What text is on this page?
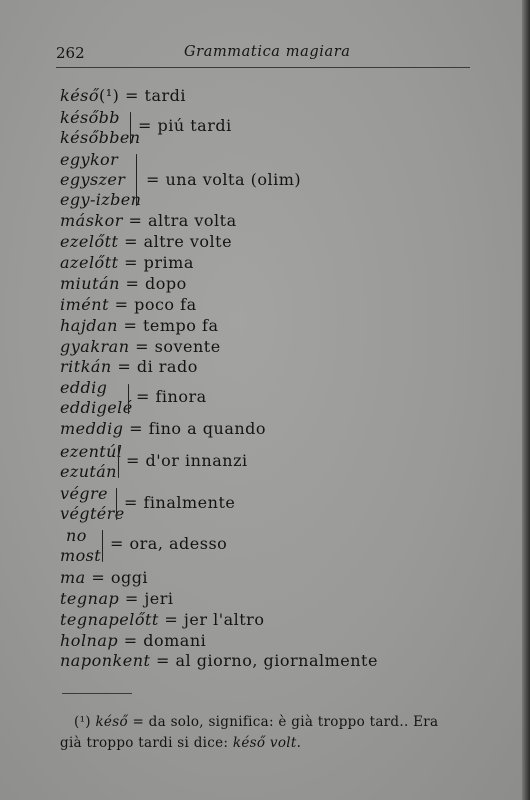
262	Grammatica magiara
késő(¹) = tardi
később
későbben
= piú tardi
egykor
egyszer
egy-izben
= una volta (olim)
máskor = altra volta
ezelőtt = altre volte
azelőtt = prima
miután = dopo
imént = poco fa
hajdan = tempo fa
gyakran = sovente
ritkán = di rado
eddig
eddigelé
= finora
meddig = fino a quando
ezentúl
ezután
= d'or innanzi
végre
végtére
= finalmente
no
most
= ora, adesso
ma = oggi
tegnap = jeri
tegnapelőtt = jer l'altro
holnap = domani
naponkent = al giorno, giornalmente
(¹) késő = da solo, significa: è già troppo tard.. Era
già troppo tardi si dice: késő volt.
